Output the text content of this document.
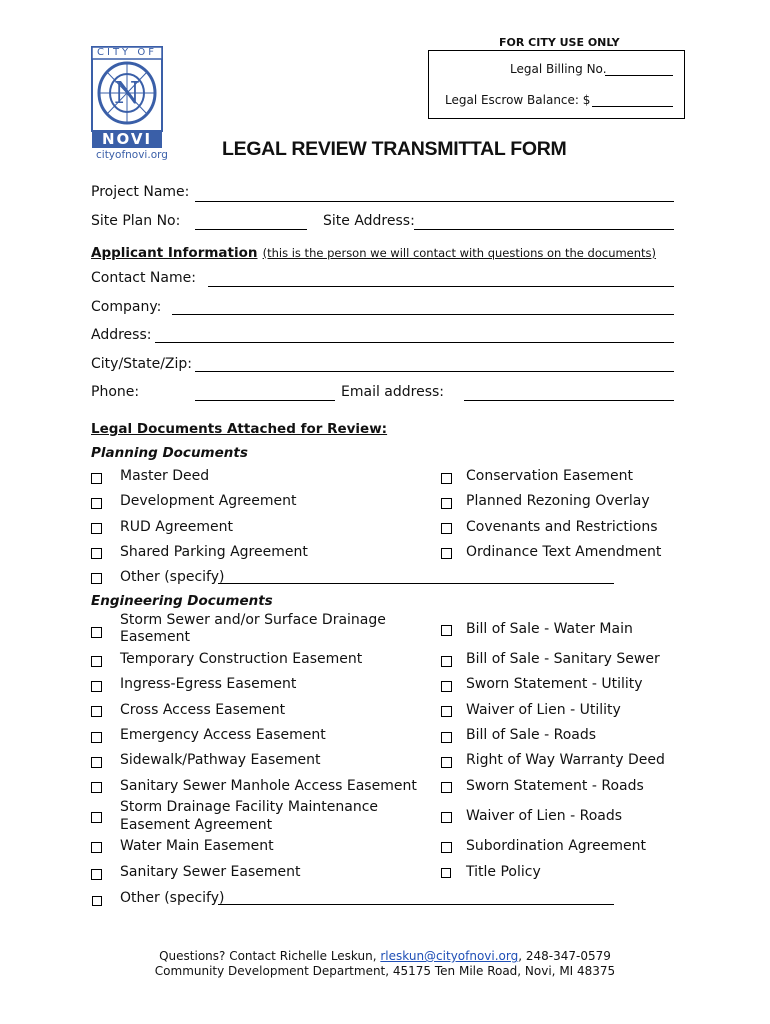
CITY OF
N
NOVI
cityofnovi.org
FOR CITY USE ONLY
Legal Billing No.
Legal Escrow Balance: $
LEGAL REVIEW TRANSMITTAL FORM
Project Name:
Site Plan No:	Site Address:
Applicant Information (this is the person we will contact with questions on the documents)
Contact Name:
Company:
Address:
City/State/Zip:
Phone:	Email address:
Legal Documents Attached for Review:
Planning Documents
Master Deed
Development Agreement
RUD Agreement
Shared Parking Agreement
Conservation Easement
Planned Rezoning Overlay
Covenants and Restrictions
Ordinance Text Amendment
Other (specify)
Engineering Documents
Storm Sewer and/or Surface Drainage
Easement
Temporary Construction Easement
Ingress-Egress Easement
Cross Access Easement
Emergency Access Easement
Sidewalk/Pathway Easement
Sanitary Sewer Manhole Access Easement
Storm Drainage Facility Maintenance
Easement Agreement
Water Main Easement
Sanitary Sewer Easement
Bill of Sale - Water Main
Bill of Sale - Sanitary Sewer
Sworn Statement - Utility
Waiver of Lien - Utility
Bill of Sale - Roads
Right of Way Warranty Deed
Sworn Statement - Roads
Waiver of Lien - Roads
Subordination Agreement
Title Policy
Other (specify)
Questions? Contact Richelle Leskun, rleskun@cityofnovi.org, 248-347-0579
Community Development Department, 45175 Ten Mile Road, Novi, MI 48375
